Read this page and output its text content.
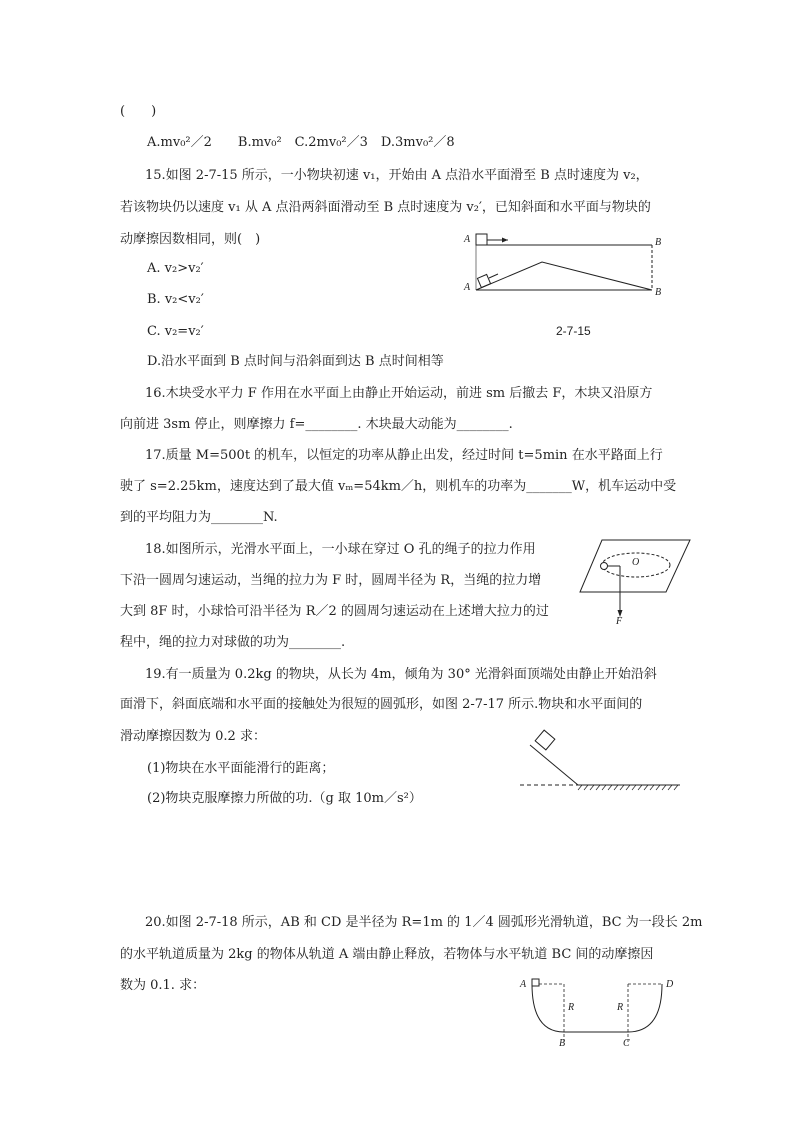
(　　)
A.mv₀²／2　　B.mv₀²　C.2mv₀²／3　D.3mv₀²／8
15.如图 2-7-15 所示，一小物块初速 v₁，开始由 A 点沿水平面滑至 B 点时速度为 v₂，
若该物块仍以速度 v₁ 从 A 点沿两斜面滑动至 B 点时速度为 v₂′，已知斜面和水平面与物块的
动摩擦因数相同，则(　)
A. v₂>v₂′
B. v₂<v₂′
C. v₂=v₂′
D.沿水平面到 B 点时间与沿斜面到达 B 点时间相等
A	B
A	B
2-7-15
16.木块受水平力 F 作用在水平面上由静止开始运动，前进 sm 后撤去 F，木块又沿原方
向前进 3sm 停止，则摩擦力 f=________. 木块最大动能为________.
17.质量 M=500t 的机车，以恒定的功率从静止出发，经过时间 t=5min 在水平路面上行
驶了 s=2.25km，速度达到了最大值 vₘ=54km／h，则机车的功率为_______W，机车运动中受
到的平均阻力为________N.
18.如图所示，光滑水平面上，一小球在穿过 O 孔的绳子的拉力作用
下沿一圆周匀速运动，当绳的拉力为 F 时，圆周半径为 R，当绳的拉力增
大到 8F 时，小球恰可沿半径为 R／2 的圆周匀速运动在上述增大拉力的过
程中，绳的拉力对球做的功为________.
O
F
19.有一质量为 0.2kg 的物块，从长为 4m，倾角为 30° 光滑斜面顶端处由静止开始沿斜
面滑下，斜面底端和水平面的接触处为很短的圆弧形，如图 2-7-17 所示.物块和水平面间的
滑动摩擦因数为 0.2 求：
(1)物块在水平面能滑行的距离；
(2)物块克服摩擦力所做的功.（g 取 10m／s²）
20.如图 2-7-18 所示，AB 和 CD 是半径为 R=1m 的 1／4 圆弧形光滑轨道，BC 为一段长 2m
的水平轨道质量为 2kg 的物体从轨道 A 端由静止释放，若物体与水平轨道 BC 间的动摩擦因
数为 0.1. 求：	A	D
R	R
B	C
